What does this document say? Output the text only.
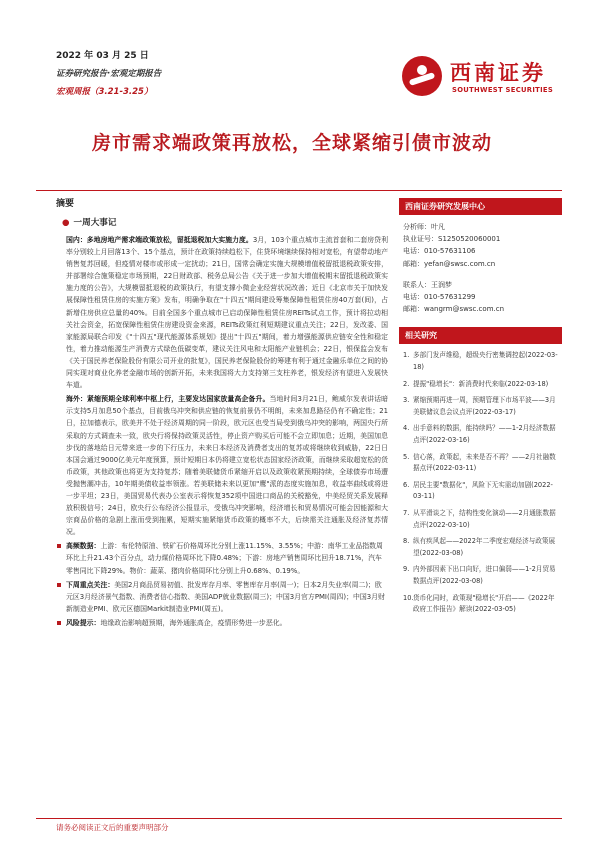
2022 年 03 月 25 日
证券研究报告·宏观定期报告
宏观周报（3.21-3.25）
西南证券
SOUTHWEST SECURITIES
房市需求端政策再放松，全球紧缩引债市波动
摘要
● 一周大事记

国内：多地房地产需求端政策放松，留抵退税加大实施力度。3月，103个重点城市主流首套和二套房贷利率分别较上月回落13个、15个基点，预计在政策持续趋松下，住贷环境继续保持相对宽松，有望带动地产销售复苏回暖，但疫情对楼市或形成一定扰动；21日，国常会确定实施大规模增值税留抵退税政策安排，并部署综合施策稳定市场预期，22日财政部、税务总局公告《关于进一步加大增值税期末留抵退税政策实施力度的公告》，大规模留抵退税的政策执行，有望支撑小微企业经营状况改善；近日《北京市关于加快发展保障性租赁住房的实施方案》发布，明确争取在"十四五"期间建设筹集保障性租赁住房40万套(间)，占新增住房供应总量的40%。目前全国多个重点城市已启动保障性租赁住房REITs试点工作，预计将拉动相关社会资金，拓宽保障性租赁住房建设资金来源，REITs政策红利短期建议重点关注；22日，发改委、国家能源局联合印发《"十四五"现代能源体系规划》提出"十四五"期间，着力增强能源供应链安全性和稳定性，着力推动能源生产消费方式绿色低碳变革，建议关注风电和太阳能产业链机会；22日，银保监会发布《关于国民养老保险股份有限公司开业的批复》，国民养老保险股份的筹建有利于通过金融乐单位之间的协同实现对商业化养老金融市场的创新开拓，未来我国将大力支持第三支柱养老，银发经济有望进入发展快车道。

海外：紧缩预期全球利率中枢上行，主要发达国家放量高企备升。当地时间3月21日，鲍威尔发表讲话暗示支持5月加息50个基点，目前俄乌冲突和供应链的恢复前景仍不明朗，未来加息路径仍有不确定性；21日，拉加德表示，欧美并不处于经济周期的同一阶段，欧元区也受当局受到俄乌冲突的影响，两国央行所采取的方式调查未一致，欧央行将保持政策灵活性，停止资产购买后可能不会立即加息；近期，美国加息步伐的落地给日元带来进一步的下行压力，未来日本经济及消费者支出的复苏或将继续收到威胁，22日日本国会通过9000亿美元年度预算，预计短期日本仍将建立宽松状态国家经济政策，而继续采取超宽松的货币政策，其他政策也将更为支持复苏；随着美联储货币紧缩开启以及政策收紧预期持续，全球债券市场遭受抛售潮冲击，10年期美债收益率领涨。若美联储未来以更加"鹰"派的态度实施加息，收益率曲线或将进一步平坦；23日，美国贸易代表办公室表示将恢复352项中国进口商品的关税豁免，中美经贸关系发展释放积极信号；24日，欧央行公布经济公报显示，受俄乌冲突影响，经济增长和贸易情况可能会因能源和大宗商品价格的急剧上涨而受到拖累，短期实施紧缩货币政策的概率不大，后续需关注通胀及经济复苏情况。

高频数据：上游：布伦特原油、铁矿石价格周环比分别上涨11.15%、3.55%；中游：南华工业品指数周环比上升21.43个百分点，动力煤价格周环比下降0.48%；下游：房地产销售周环比回升18.71%，汽车零售同比下降29%。物价：蔬菜、猪肉价格周环比分别上升0.68%、0.19%。
下周重点关注：美国2月商品贸易初值、批发库存月率、零售库存月率(周一)；日本2月失业率(周二)；欧元区3月经济景气指数、消费者信心指数、美国ADP就业数据(周三)；中国3月官方PMI(周四)；中国3月财新制造业PMI、欧元区德国Markit制造业PMI(周五)。
风险提示：地缘政治影响超预期，海外通胀高企，疫情形势进一步恶化。
西南证券研究发展中心
分析师：叶凡
执业证号：S1250520060001
电话：010-57631106
邮箱：yefan@swsc.com.cn
联系人：王润梦
电话：010-57631299
邮箱：wangrm@swsc.com.cn
相关研究
1. 多部门发声维稳，超级央行密集调控起(2022-03-18)
2. 提振"稳增长"：新消费时代来临(2022-03-18)
3. 紧缩预期再进一周，预期管理下市场平波——3月美联储议息会议点评(2022-03-17)
4. 出手意料的数据，能持续吗？——1-2月经济数据点评(2022-03-16)
5. 信心落，政策起，未来是否不再？——2月社融数据点评(2022-03-11)
6. 居民主要"数据化"，风险下无实需动加剧(2022-03-11)
7. 从平滑谈之下，结构性变化演动——2月通胀数据点评(2022-03-10)
8. 纵有疾风起——2022年二季度宏观经济与政策展望(2022-03-08)
9. 内外部因素下出口向好，进口偏弱——1-2月贸易数据点评(2022-03-08)
10. 货币化同时，政策现"稳增长"开启——《2022年政府工作报告》解读(2022-03-05)
请务必阅读正文后的重要声明部分
